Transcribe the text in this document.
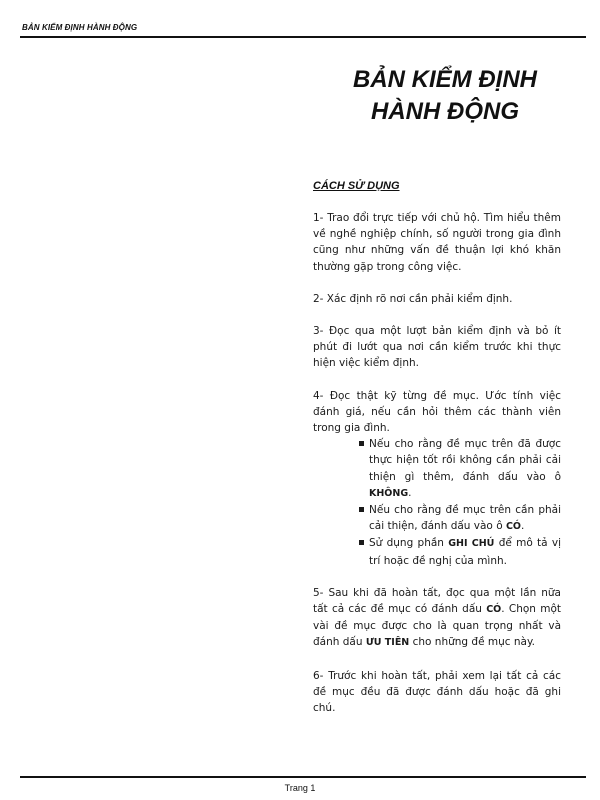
BẢN KIỂM ĐỊNH HÀNH ĐỘNG
BẢN KIỂM ĐỊNH
HÀNH ĐỘNG
CÁCH SỬ DỤNG

1- Trao đổi trực tiếp với chủ hộ. Tìm hiểu thêm về nghề nghiệp chính, số người trong gia đình cũng như những vấn đề thuận lợi khó khăn thường gặp trong công việc.

2- Xác định rõ nơi cần phải kiểm định.

3- Đọc qua một lượt bản kiểm định và bỏ ít phút đi lướt qua nơi cần kiểm trước khi thực hiện việc kiểm định.

4- Đọc thật kỹ từng đề mục. Ước tính việc đánh giá, nếu cần hỏi thêm các thành viên trong gia đình.

Nếu cho rằng đề mục trên đã được thực hiện tốt rồi không cần phải cải thiện gì thêm, đánh dấu vào ô KHÔNG.
Nếu cho rằng đề mục trên cần phải cải thiện, đánh dấu vào ô CÓ.
Sử dụng phần GHI CHÚ để mô tả vị trí hoặc đề nghị của mình.

5- Sau khi đã hoàn tất, đọc qua một lần nữa tất cả các đề mục có đánh dấu CÓ. Chọn một vài đề mục được cho là quan trọng nhất và đánh dấu ƯU TIÊN cho những đề mục này.

6- Trước khi hoàn tất, phải xem lại tất cả các đề mục đều đã được đánh dấu hoặc đã ghi chú.

Trang 1
